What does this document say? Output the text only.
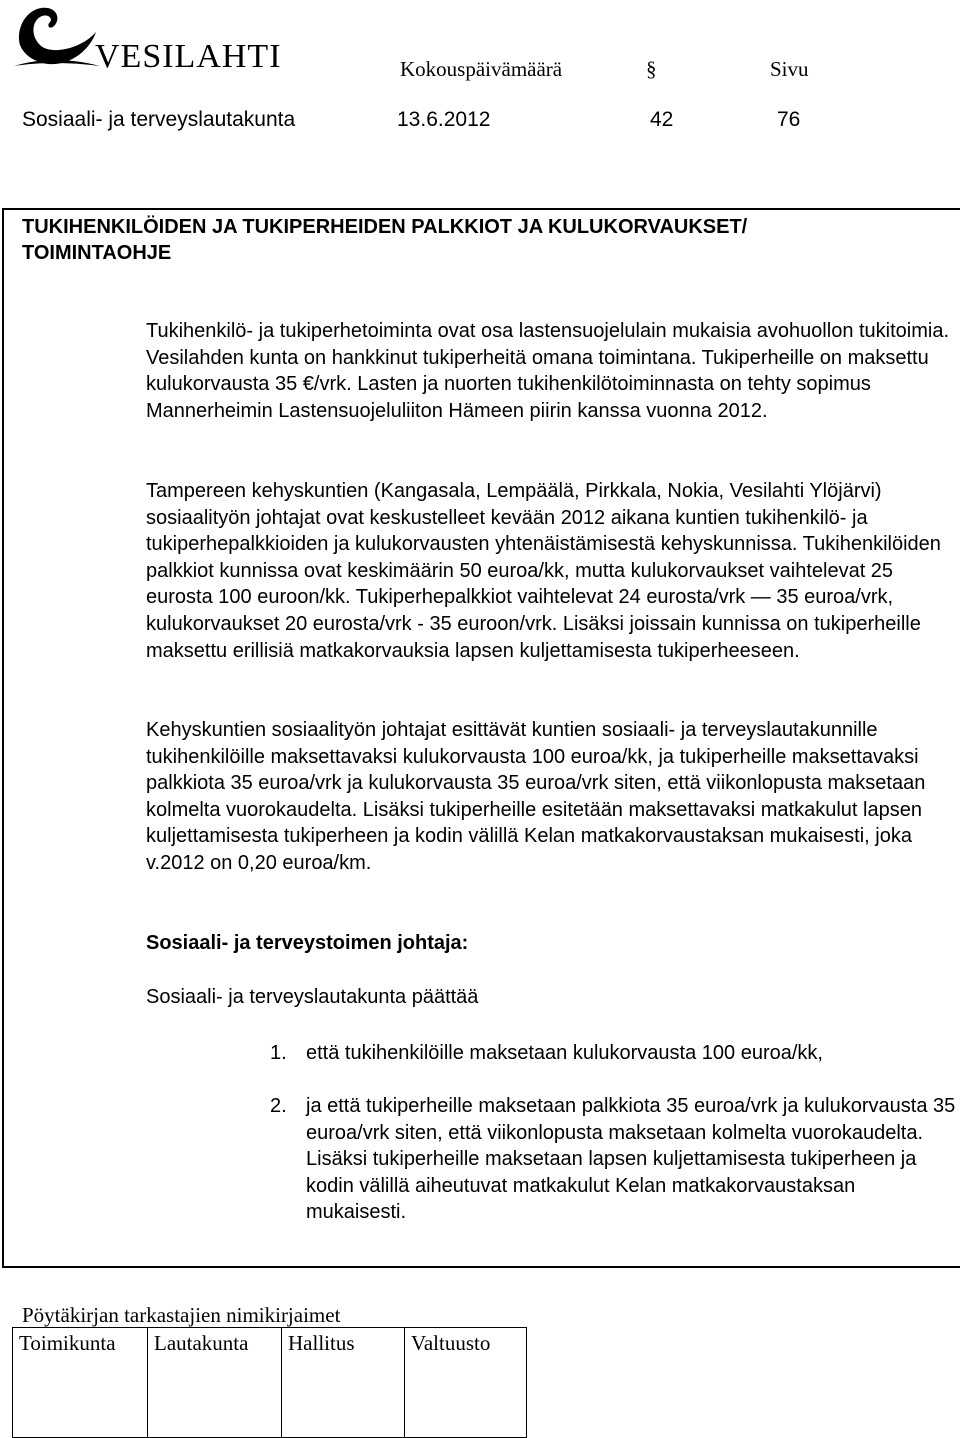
VESILAHTI	Kokouspäivämäärä	§	Sivu
Sosiaali- ja terveyslautakunta	13.6.2012	42	76
TUKIHENKILÖIDEN JA TUKIPERHEIDEN PALKKIOT JA KULUKORVAUKSET/
TOIMINTAOHJE

Tukihenkilö- ja tukiperhetoiminta ovat osa lastensuojelulain mukaisia avohuollon tukitoimia. Vesilahden kunta on hankkinut tukiperheitä omana toimintana. Tukiperheille on maksettu kulukorvausta 35 €/vrk. Lasten ja nuorten tukihenkilötoiminnasta on tehty sopimus Mannerheimin Lastensuojeluliiton Hämeen piirin kanssa vuonna 2012.

Tampereen kehyskuntien (Kangasala, Lempäälä, Pirkkala, Nokia, Vesilahti Ylöjärvi) sosiaalityön johtajat ovat keskustelleet kevään 2012 aikana kuntien tukihenkilö- ja tukiperhepalkkioiden ja kulukorvausten yhtenäistämisestä kehyskunnissa. Tukihenkilöiden palkkiot kunnissa ovat keskimäärin 50 euroa/kk, mutta kulukorvaukset vaihtelevat 25 eurosta 100 euroon/kk. Tukiperhepalkkiot vaihtelevat 24 eurosta/vrk — 35 euroa/vrk, kulukorvaukset 20 eurosta/vrk - 35 euroon/vrk. Lisäksi joissain kunnissa on tukiperheille maksettu erillisiä matkakorvauksia lapsen kuljettamisesta tukiperheeseen.

Kehyskuntien sosiaalityön johtajat esittävät kuntien sosiaali- ja terveyslautakunnille tukihenkilöille maksettavaksi kulukorvausta 100 euroa/kk, ja tukiperheille maksettavaksi palkkiota 35 euroa/vrk ja kulukorvausta 35 euroa/vrk siten, että viikonlopusta maksetaan kolmelta vuorokaudelta. Lisäksi tukiperheille esitetään maksettavaksi matkakulut lapsen kuljettamisesta tukiperheen ja kodin välillä Kelan matkakorvaustaksan mukaisesti, joka v.2012 on 0,20 euroa/km.

Sosiaali- ja terveystoimen johtaja:
Sosiaali- ja terveyslautakunta päättää
1. että tukihenkilöille maksetaan kulukorvausta 100 euroa/kk,
2. ja että tukiperheille maksetaan palkkiota 35 euroa/vrk ja kulukorvausta 35 euroa/vrk siten, että viikonlopusta maksetaan kolmelta vuorokaudelta. Lisäksi tukiperheille maksetaan lapsen kuljettamisesta tukiperheen ja kodin välillä aiheutuvat matkakulut Kelan matkakorvaustaksan mukaisesti.
Pöytäkirjan tarkastajien nimikirjaimet
Toimikunta	Lautakunta	Hallitus	Valtuusto
